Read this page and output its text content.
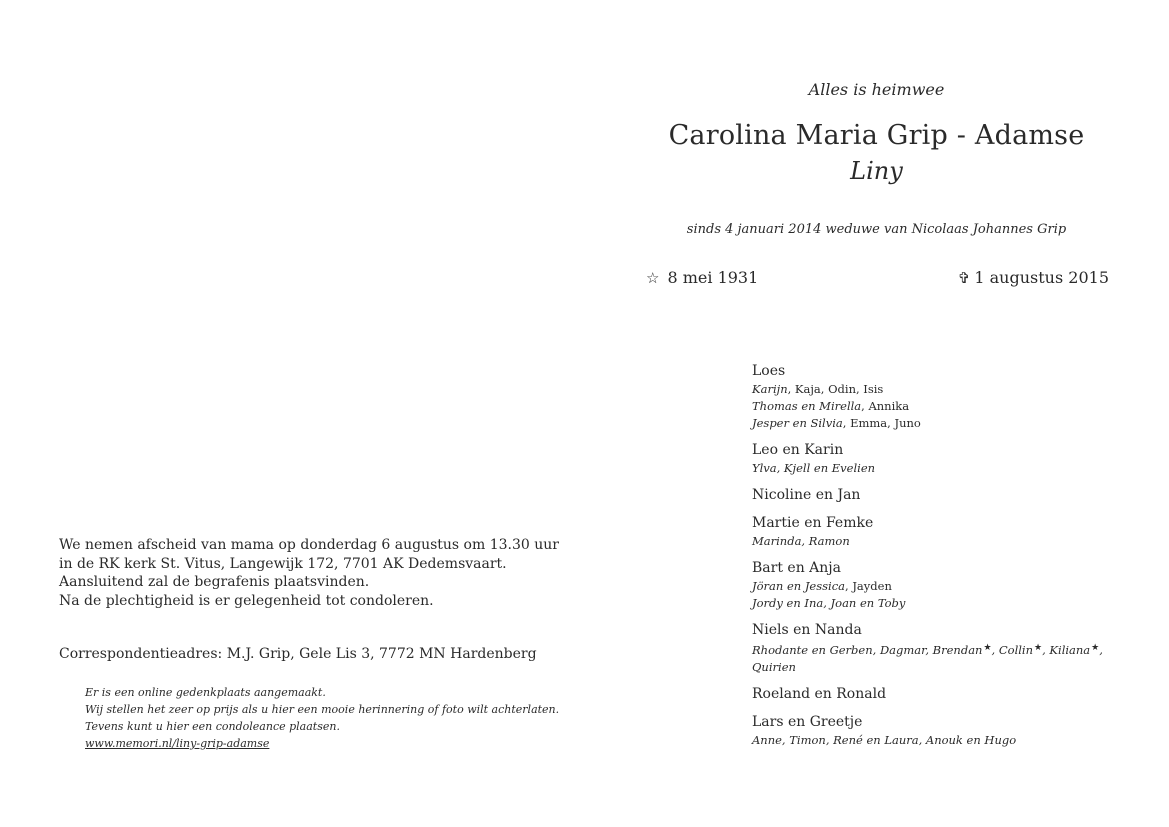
Alles is heimwee
Carolina Maria Grip - Adamse
Liny
sinds 4 januari 2014 weduwe van Nicolaas Johannes Grip
☆ 8 mei 1931	✞ 1 augustus 2015
Loes
Karijn, Kaja, Odin, Isis
Thomas en Mirella, Annika
Jesper en Silvia, Emma, Juno
Leo en Karin
Ylva, Kjell en Evelien
Nicoline en Jan
Martie en Femke
Marinda, Ramon
Bart en Anja
Jöran en Jessica, Jayden
Jordy en Ina, Joan en Toby
Niels en Nanda
Rhodante en Gerben, Dagmar, Brendan★, Collin★, Kiliana★,
Quirien
Roeland en Ronald
Lars en Greetje
Anne, Timon, René en Laura, Anouk en Hugo
We nemen afscheid van mama op donderdag 6 augustus om 13.30 uur
in de RK kerk St. Vitus, Langewijk 172, 7701 AK Dedemsvaart.
Aansluitend zal de begrafenis plaatsvinden.
Na de plechtigheid is er gelegenheid tot condoleren.
Correspondentieadres: M.J. Grip, Gele Lis 3, 7772 MN Hardenberg
Er is een online gedenkplaats aangemaakt.
Wij stellen het zeer op prijs als u hier een mooie herinnering of foto wilt achterlaten.
Tevens kunt u hier een condoleance plaatsen.
www.memori.nl/liny-grip-adamse
